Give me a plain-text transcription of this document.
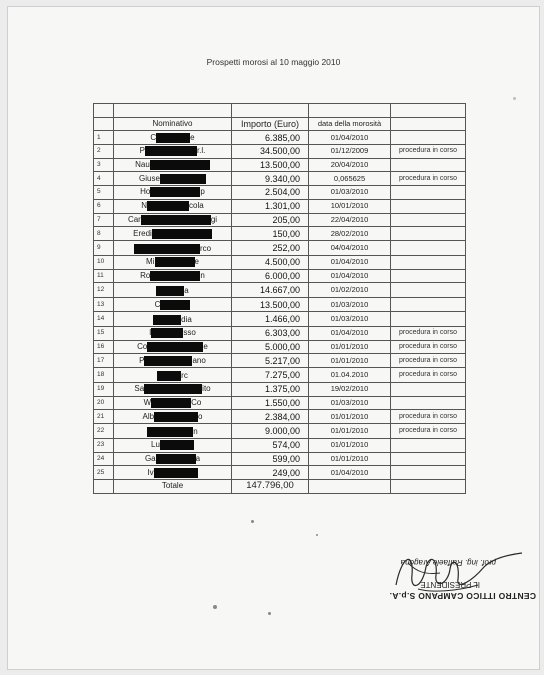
Prospetti morosi al 10 maggio 2010

	Nominativo	Importo (Euro)	data della morosità	
1	C e	6.385,00	01/04/2010	
2	P r.l.	34.500,00	01/12/2009	procedura in corso
3	Nau	13.500,00	20/04/2010	
4	Giuse	9.340,00	0,065625	procedura in corso
5	Ho p	2.504,00	01/03/2010	
6	N cola	1.301,00	10/01/2010	
7	Car gi	205,00	22/04/2010	
8	Eredi	150,00	28/02/2010	
9	rco	252,00	04/04/2010	
10	Mi e	4.500,00	01/04/2010	
11	Ro n	6.000,00	01/04/2010	
12	a	14.667,00	01/02/2010	
13	C	13.500,00	01/03/2010	
14	dia	1.466,00	01/03/2010	
15	I sso	6.303,00	01/04/2010	procedura in corso
16	Co e	5.000,00	01/01/2010	procedura in corso
17	P ano	5.217,00	01/01/2010	procedura in corso
18	rc	7.275,00	01.04.2010	procedura in corso
19	Sa ito	1.375,00	19/02/2010	
20	W Co	1.550,00	01/03/2010	
21	Alb o	2.384,00	01/01/2010	procedura in corso
22	n	9.000,00	01/01/2010	procedura in corso
23	Lu	574,00	01/01/2010	
24	Ga a	599,00	01/01/2010	
25	Iv	249,00	01/04/2010	
	Totale	147.796,00		
CENTRO ITTICO CAMPANO S.p.A.
IL PRESIDENTE
prof. ing. Raffaele Aragona
